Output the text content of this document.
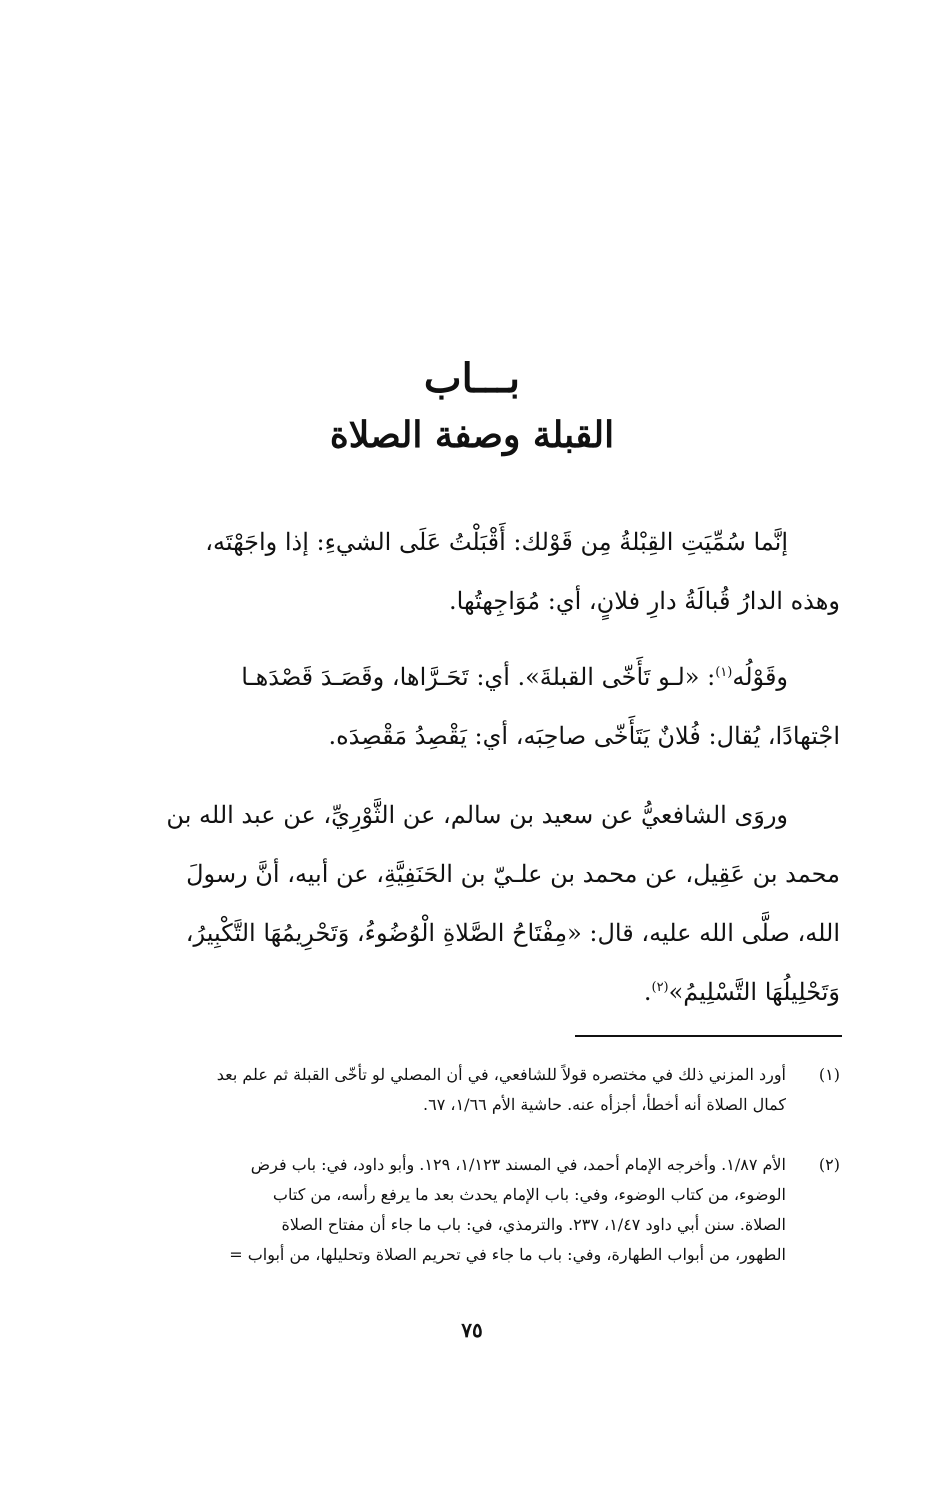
بـــاب
القبلة وصفة الصلاة
إنَّما سُمِّيَتِ القِبْلةُ مِن قَوْلك: أَقْبَلْتُ عَلَى الشيءِ: إذا واجَهْتَه،
وهذه الدارُ قُبالَةُ دارِ فلانٍ، أي: مُوَاجِهتُها.
وقَوْلُه$^{(١)}$: «لـو تَأَخّى القبلةَ». أي: تَحَـرَّاها، وقَصَـدَ قَصْدَهـا
اجْتهادًا، يُقال: فُلانٌ يَتَأَخّى صاحِبَه، أي: يَقْصِدُ مَقْصِدَه.
وروَى الشافعيُّ عن سعيد بن سالم، عن الثَّوْرِيِّ، عن عبد الله بن
محمد بن عَقِيل، عن محمد بن علـيّ بن الحَنَفِيَّةِ، عن أبيه، أنَّ رسولَ
الله، صلَّى الله عليه، قال: «مِفْتَاحُ الصَّلاةِ الْوُضُوءُ، وَتَحْرِيمُهَا التَّكْبِيرُ،
وَتَحْلِيلُهَا التَّسْلِيمُ»$^{(٢)}$.
(١)
أورد المزني ذلك في مختصره قولاً للشافعي، في أن المصلي لو تأخّى القبلة ثم علم بعد
كمال الصلاة أنه أخطأ، أجزأه عنه. حاشية الأم ١/٦٦، ٦٧.
(٢)
الأم ١/٨٧. وأخرجه الإمام أحمد، في المسند ١/١٢٣، ١٢٩. وأبو داود، في: باب فرض
الوضوء، من كتاب الوضوء، وفي: باب الإمام يحدث بعد ما يرفع رأسه، من كتاب
الصلاة. سنن أبي داود ١/٤٧، ٢٣٧. والترمذي، في: باب ما جاء أن مفتاح الصلاة
الطهور، من أبواب الطهارة، وفي: باب ما جاء في تحريم الصلاة وتحليلها، من أبواب =
٧٥
